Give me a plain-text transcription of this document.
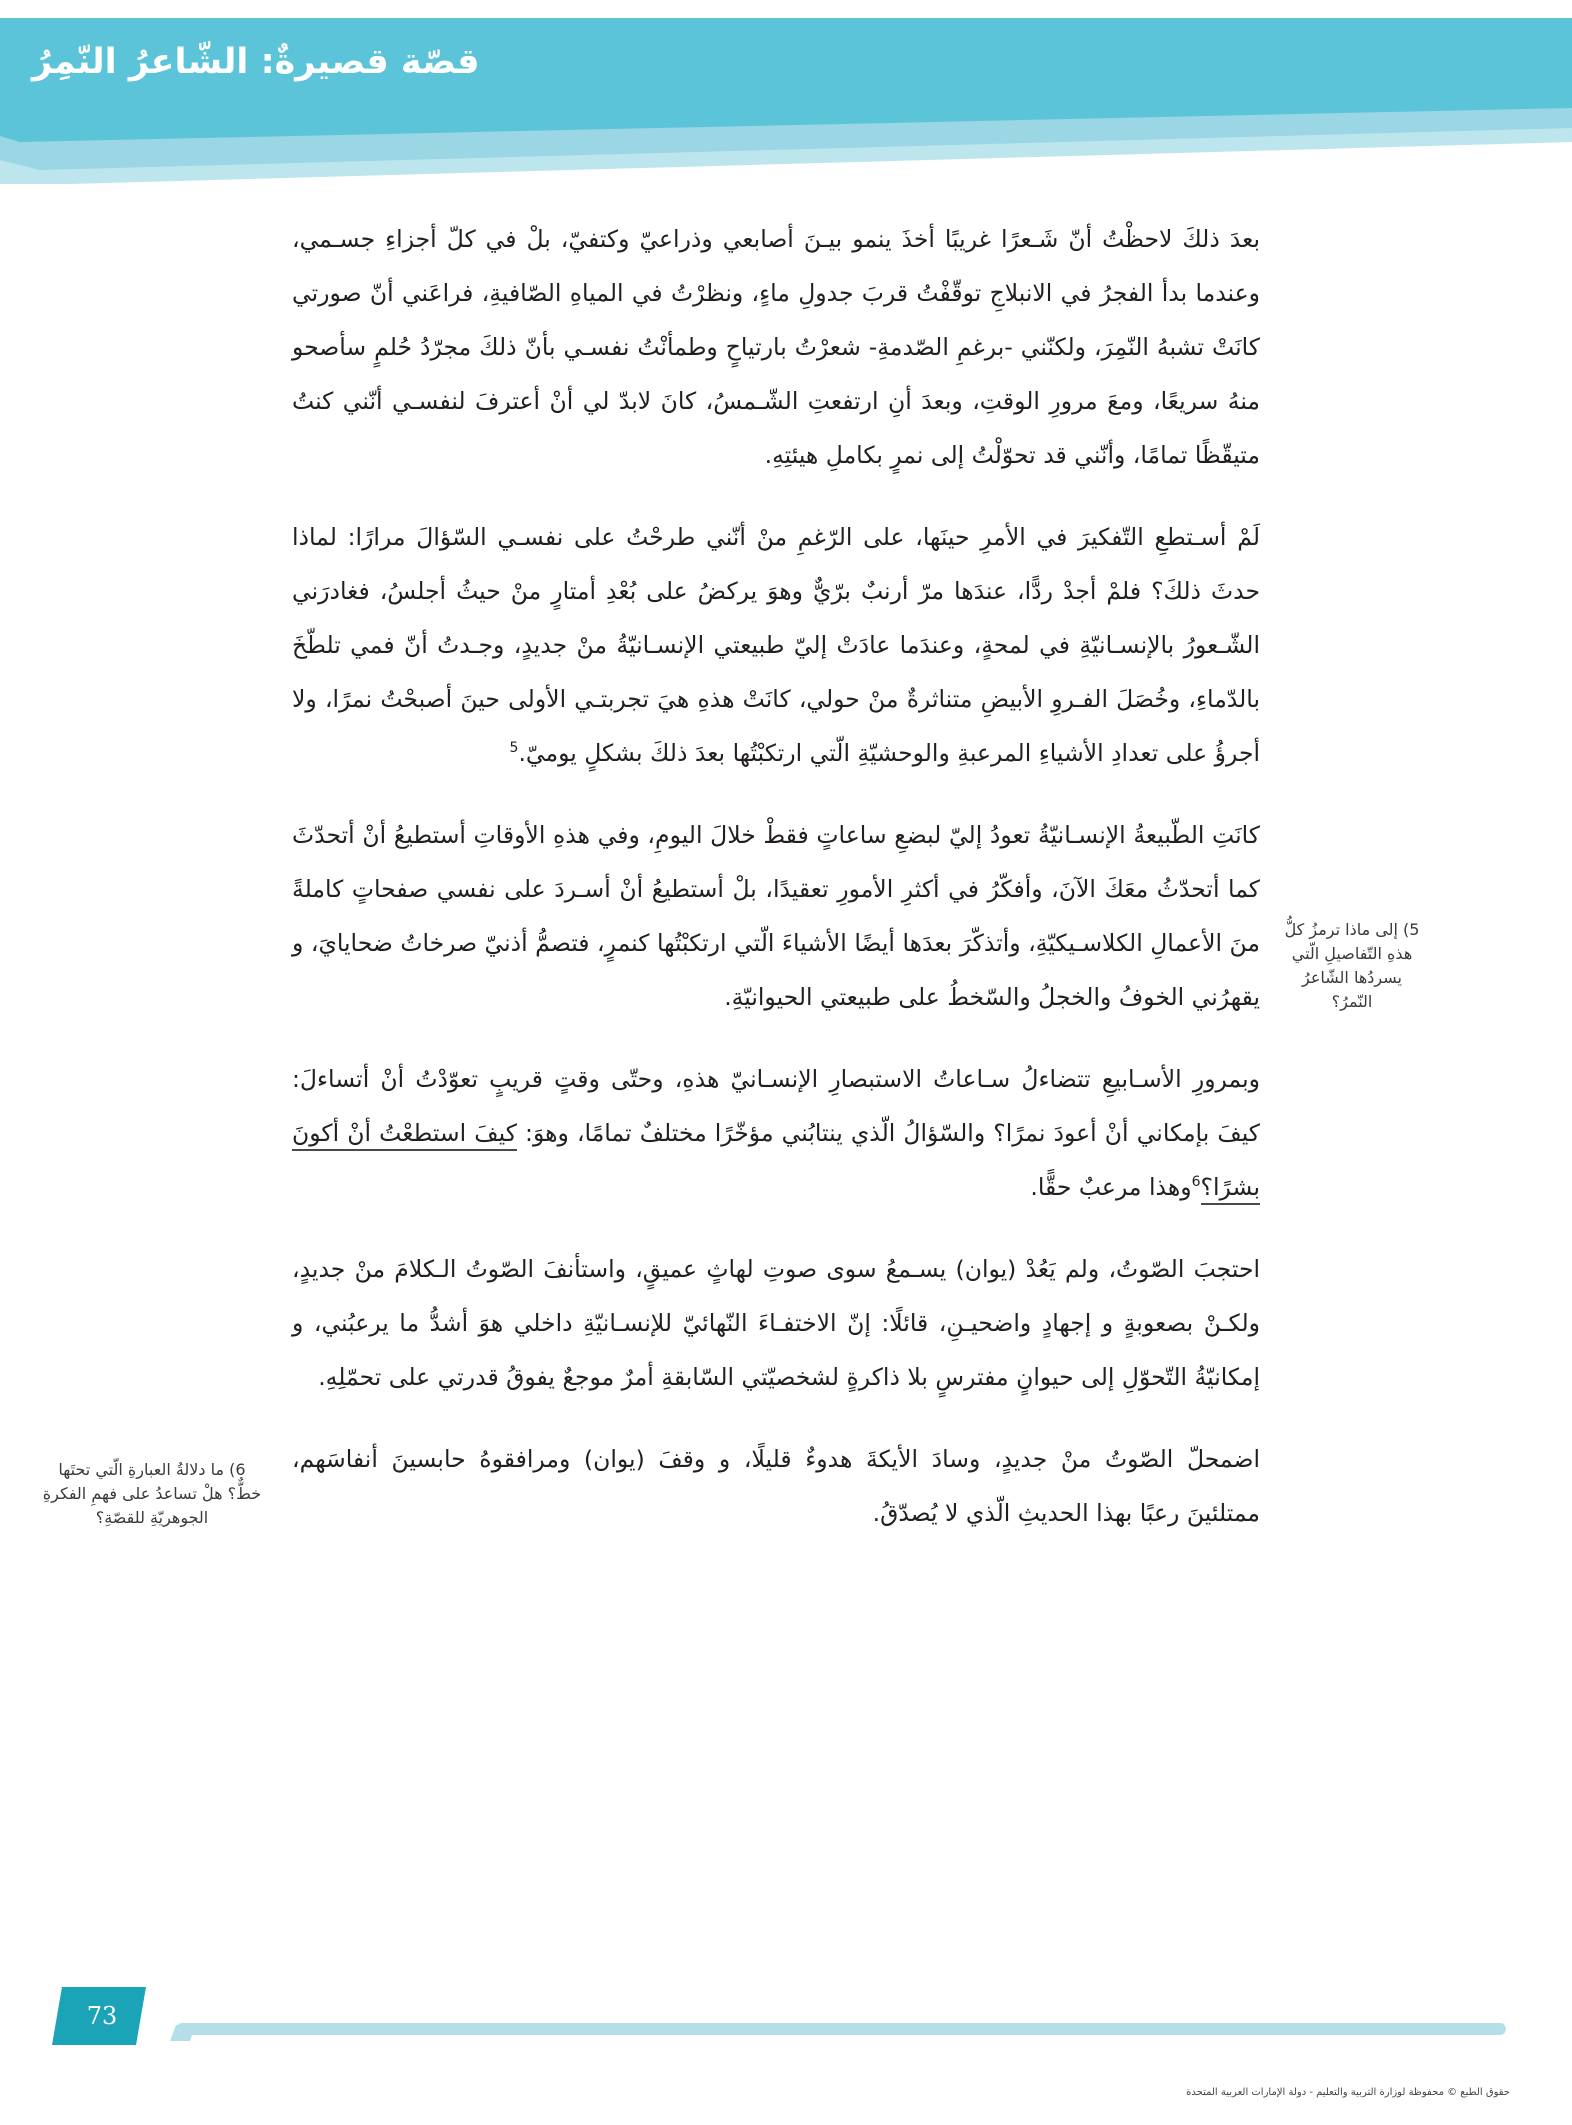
قصّة قصيرةٌ: الشّاعرُ النّمِرُ

بعدَ ذلكَ لاحظْتُ أنّ شَـعرًا غريبًا أخذَ ينمو بيـنَ أصابعي وذراعيّ وكتفيّ، بلْ في كلّ أجزاءِ جسـمي، وعندما بدأ الفجرُ في الانبلاجِ توقّفْتُ قربَ جدولِ ماءٍ، ونظرْتُ في المياهِ الصّافيةِ، فراعَني أنّ صورتي كانَتْ تشبهُ النّمِرَ، ولكنّني -برغمِ الصّدمةِ- شعرْتُ بارتياحٍ وطمأنْتُ نفسـي بأنّ ذلكَ مجرّدُ حُلمٍ سأصحو منهُ سريعًا، ومعَ مرورِ الوقتِ، وبعدَ أنِ ارتفعتِ الشّـمسُ، كانَ لابدّ لي أنْ أعترفَ لنفسـي أنّني كنتُ متيقّظًا تمامًا، وأنّني قد تحوّلْتُ إلى نمرٍ بكاملِ هيئتِهِ.

لَمْ أسـتطعِ التّفكيرَ في الأمرِ حينَها، على الرّغمِ منْ أنّني طرحْتُ على نفسـي السّؤالَ مرارًا: لماذا حدثَ ذلكَ؟ فلمْ أجدْ ردًّا، عندَها مرّ أرنبٌ برّيٌّ وهوَ يركضُ على بُعْدِ أمتارٍ منْ حيثُ أجلسُ، فغادرَني الشّـعورُ بالإنسـانيّةِ في لمحةٍ، وعندَما عادَتْ إليّ طبيعتي الإنسـانيّةُ منْ جديدٍ، وجـدتُ أنّ فمي تلطّخَ بالدّماءِ، وخُصَلَ الفـروِ الأبيضِ متناثرةٌ منْ حولي، كانَتْ هذهِ هيَ تجربتـي الأولى حينَ أصبحْتُ نمرًا، ولا أجرؤُ على تعدادِ الأشياءِ المرعبةِ والوحشيّةِ الّتي ارتكبْتُها بعدَ ذلكَ بشكلٍ يوميّ.$^5$

كانَتِ الطّبيعةُ الإنسـانيّةُ تعودُ إليّ لبضعِ ساعاتٍ فقطْ خلالَ اليومِ، وفي هذهِ الأوقاتِ أستطيعُ أنْ أتحدّثَ كما أتحدّثُ معَكَ الآنَ، وأفكّرُ في أكثرِ الأمورِ تعقيدًا، بلْ أستطيعُ أنْ أسـردَ على نفسي صفحاتٍ كاملةً منَ الأعمالِ الكلاسـيكيّةِ، وأتذكّرَ بعدَها أيضًا الأشياءَ الّتي ارتكبْتُها كنمرٍ، فتصمُّ أذنيّ صرخاتُ ضحايايَ، و يقهرُني الخوفُ والخجلُ والسّخطُ على طبيعتي الحيوانيّةِ.

وبمرورِ الأسـابيعِ تتضاءلُ سـاعاتُ الاستبصارِ الإنسـانيّ هذهِ، وحتّى وقتٍ قريبٍ تعوّدْتُ أنْ أتساءلَ: كيفَ بإمكاني أنْ أعودَ نمرًا؟ والسّؤالُ الّذي ينتابُني مؤخّرًا مختلفٌ تمامًا، وهوَ: كيفَ استطعْتُ أنْ أكونَ بشرًا؟$^6$وهذا مرعبٌ حقًّا.

احتجبَ الصّوتُ، ولم يَعُدْ (يوان) يسـمعُ سوى صوتِ لهاثٍ عميقٍ، واستأنفَ الصّوتُ الـكلامَ منْ جديدٍ، ولكـنْ بصعوبةٍ و إجهادٍ واضحيـنِ، قائلًا: إنّ الاختفـاءَ النّهائيّ للإنسـانيّةِ داخلي هوَ أشدُّ ما يرعبُني، و إمكانيّةُ التّحوّلِ إلى حيوانٍ مفترسٍ بلا ذاكرةٍ لشخصيّتي السّابقةِ أمرٌ موجعٌ يفوقُ قدرتي على تحمّلِهِ.

اضمحلّ الصّوتُ منْ جديدٍ، وسادَ الأيكةَ هدوءٌ قليلًا، و وقفَ (يوان) ومرافقوهُ حابسينَ أنفاسَهم، ممتلئينَ رعبًا بهذا الحديثِ الّذي لا يُصدّقُ.

5) إلى ماذا ترمزُ كلُّ هذهِ التّفاصيلِ الّتي يسردُها الشّاعرُ النّمرُ؟
6) ما دلالةُ العبارةِ الّتي تحتَها خطٌّ؟ هلْ تساعدُ على فهمِ الفكرةِ الجوهريّةِ للقصّةِ؟
73
حقوق الطبع © محفوظة لوزارة التربية والتعليم - دولة الإمارات العربية المتحدة
